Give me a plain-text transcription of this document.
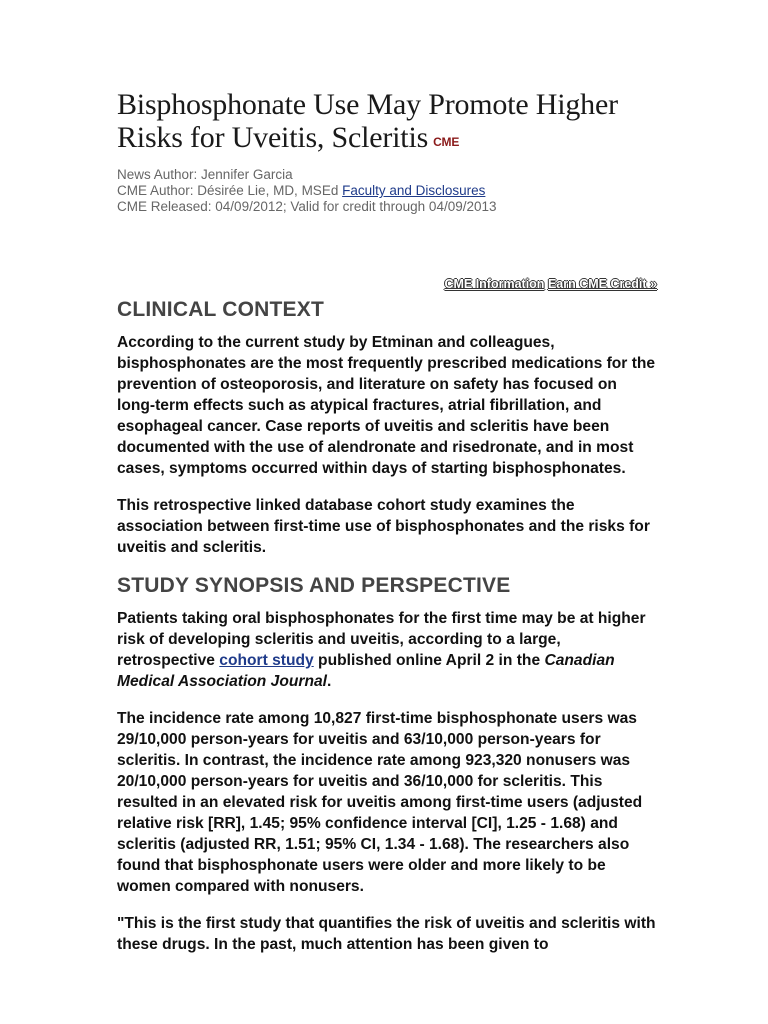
Bisphosphonate Use May Promote Higher Risks for Uveitis, Scleritis CME
News Author: Jennifer Garcia
CME Author: Désirée Lie, MD, MSEd Faculty and Disclosures
CME Released: 04/09/2012; Valid for credit through 04/09/2013
CME Information Earn CME Credit »
CLINICAL CONTEXT

According to the current study by Etminan and colleagues, bisphosphonates are the most frequently prescribed medications for the prevention of osteoporosis, and literature on safety has focused on long-term effects such as atypical fractures, atrial fibrillation, and esophageal cancer. Case reports of uveitis and scleritis have been documented with the use of alendronate and risedronate, and in most cases, symptoms occurred within days of starting bisphosphonates.

This retrospective linked database cohort study examines the association between first-time use of bisphosphonates and the risks for uveitis and scleritis.

STUDY SYNOPSIS AND PERSPECTIVE

Patients taking oral bisphosphonates for the first time may be at higher risk of developing scleritis and uveitis, according to a large, retrospective cohort study published online April 2 in the Canadian Medical Association Journal.

The incidence rate among 10,827 first-time bisphosphonate users was 29/10,000 person-years for uveitis and 63/10,000 person-years for scleritis. In contrast, the incidence rate among 923,320 nonusers was 20/10,000 person-years for uveitis and 36/10,000 for scleritis. This resulted in an elevated risk for uveitis among first-time users (adjusted relative risk [RR], 1.45; 95% confidence interval [CI], 1.25 - 1.68) and scleritis (adjusted RR, 1.51; 95% CI, 1.34 - 1.68). The researchers also found that bisphosphonate users were older and more likely to be women compared with nonusers.

"This is the first study that quantifies the risk of uveitis and scleritis with these drugs. In the past, much attention has been given to
